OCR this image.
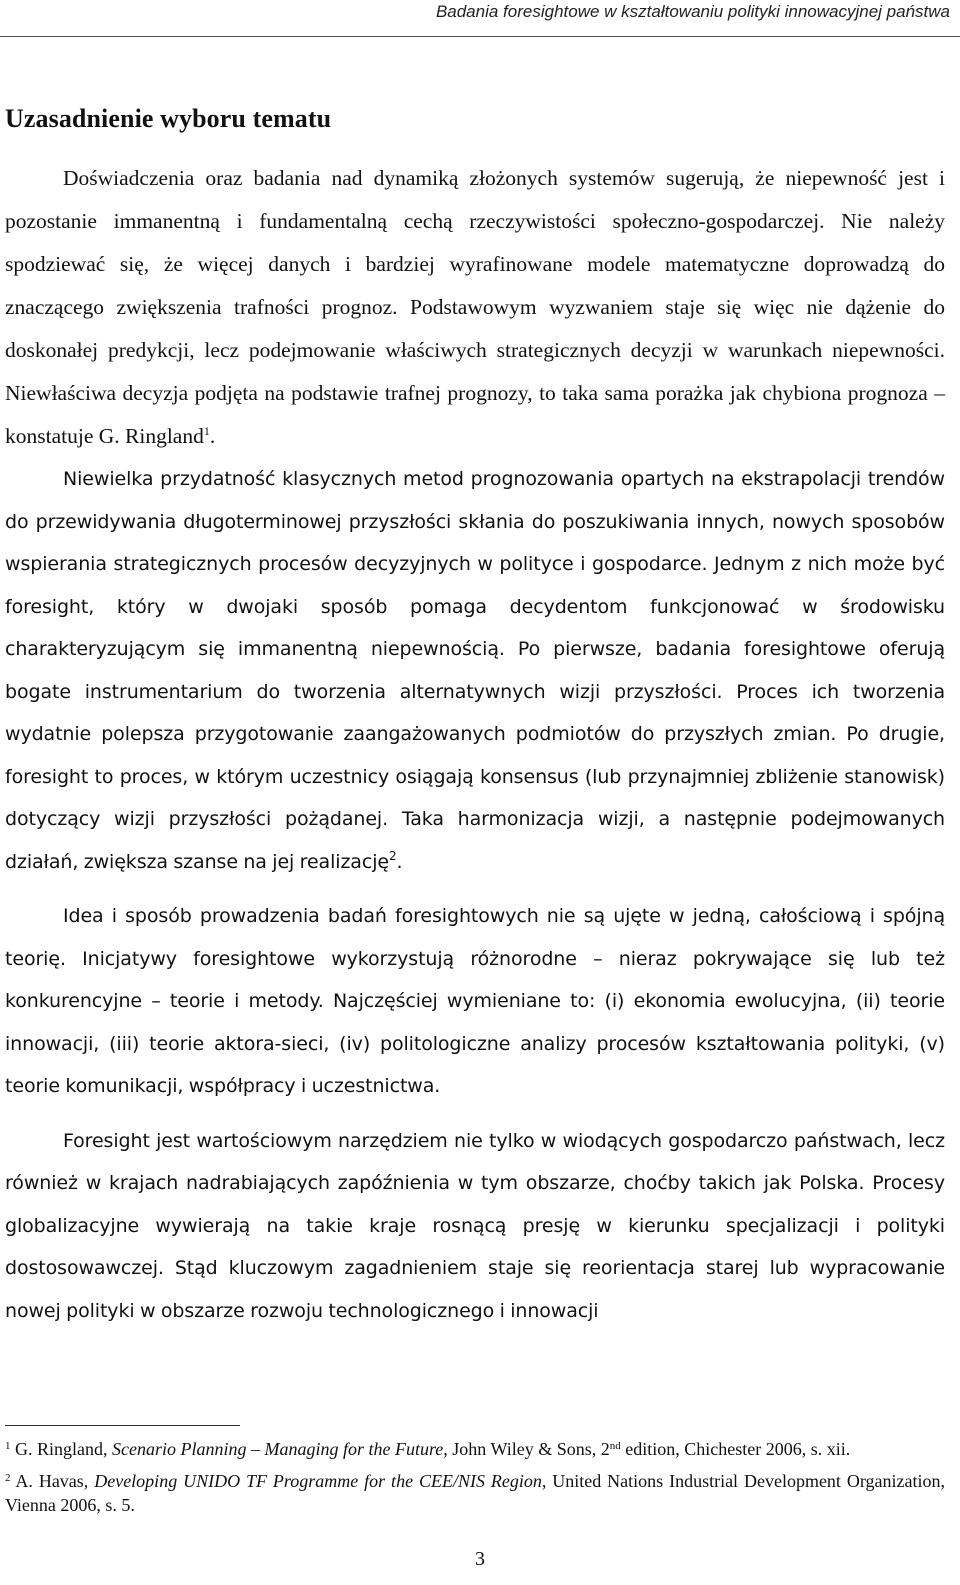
Badania foresightowe w kształtowaniu polityki innowacyjnej państwa
Uzasadnienie wyboru tematu

Doświadczenia oraz badania nad dynamiką złożonych systemów sugerują, że niepewność jest i pozostanie immanentną i fundamentalną cechą rzeczywistości społeczno-gospodarczej. Nie należy spodziewać się, że więcej danych i bardziej wyrafinowane modele matematyczne doprowadzą do znaczącego zwiększenia trafności prognoz. Podstawowym wyzwaniem staje się więc nie dążenie do doskonałej predykcji, lecz podejmowanie właściwych strategicznych decyzji w warunkach niepewności. Niewłaściwa decyzja podjęta na podstawie trafnej prognozy, to taka sama porażka jak chybiona prognoza – konstatuje G. Ringland$^1$.

Niewielka przydatność klasycznych metod prognozowania opartych na ekstrapolacji trendów do przewidywania długoterminowej przyszłości skłania do poszukiwania innych, nowych sposobów wspierania strategicznych procesów decyzyjnych w polityce i gospodarce. Jednym z nich może być foresight, który w dwojaki sposób pomaga decydentom funkcjonować w środowisku charakteryzującym się immanentną niepewnością. Po pierwsze, badania foresightowe oferują bogate instrumentarium do tworzenia alternatywnych wizji przyszłości. Proces ich tworzenia wydatnie polepsza przygotowanie zaangażowanych podmiotów do przyszłych zmian. Po drugie, foresight to proces, w którym uczestnicy osiągają konsensus (lub przynajmniej zbliżenie stanowisk) dotyczący wizji przyszłości pożądanej. Taka harmonizacja wizji, a następnie podejmowanych działań, zwiększa szanse na jej realizację$^2$.

Idea i sposób prowadzenia badań foresightowych nie są ujęte w jedną, całościową i spójną teorię. Inicjatywy foresightowe wykorzystują różnorodne – nieraz pokrywające się lub też konkurencyjne – teorie i metody. Najczęściej wymieniane to: (i) ekonomia ewolucyjna, (ii) teorie innowacji, (iii) teorie aktora-sieci, (iv) politologiczne analizy procesów kształtowania polityki, (v) teorie komunikacji, współpracy i uczestnictwa.

Foresight jest wartościowym narzędziem nie tylko w wiodących gospodarczo państwach, lecz również w krajach nadrabiających zapóźnienia w tym obszarze, choćby takich jak Polska. Procesy globalizacyjne wywierają na takie kraje rosnącą presję w kierunku specjalizacji i polityki dostosowawczej. Stąd kluczowym zagadnieniem staje się reorientacja starej lub wypracowanie nowej polityki w obszarze rozwoju technologicznego i innowacji

$^1$ G. Ringland, Scenario Planning – Managing for the Future, John Wiley & Sons, 2nd edition, Chichester 2006, s. xii.

$^2$ A. Havas, Developing UNIDO TF Programme for the CEE/NIS Region, United Nations Industrial Development Organization, Vienna 2006, s. 5.

3
